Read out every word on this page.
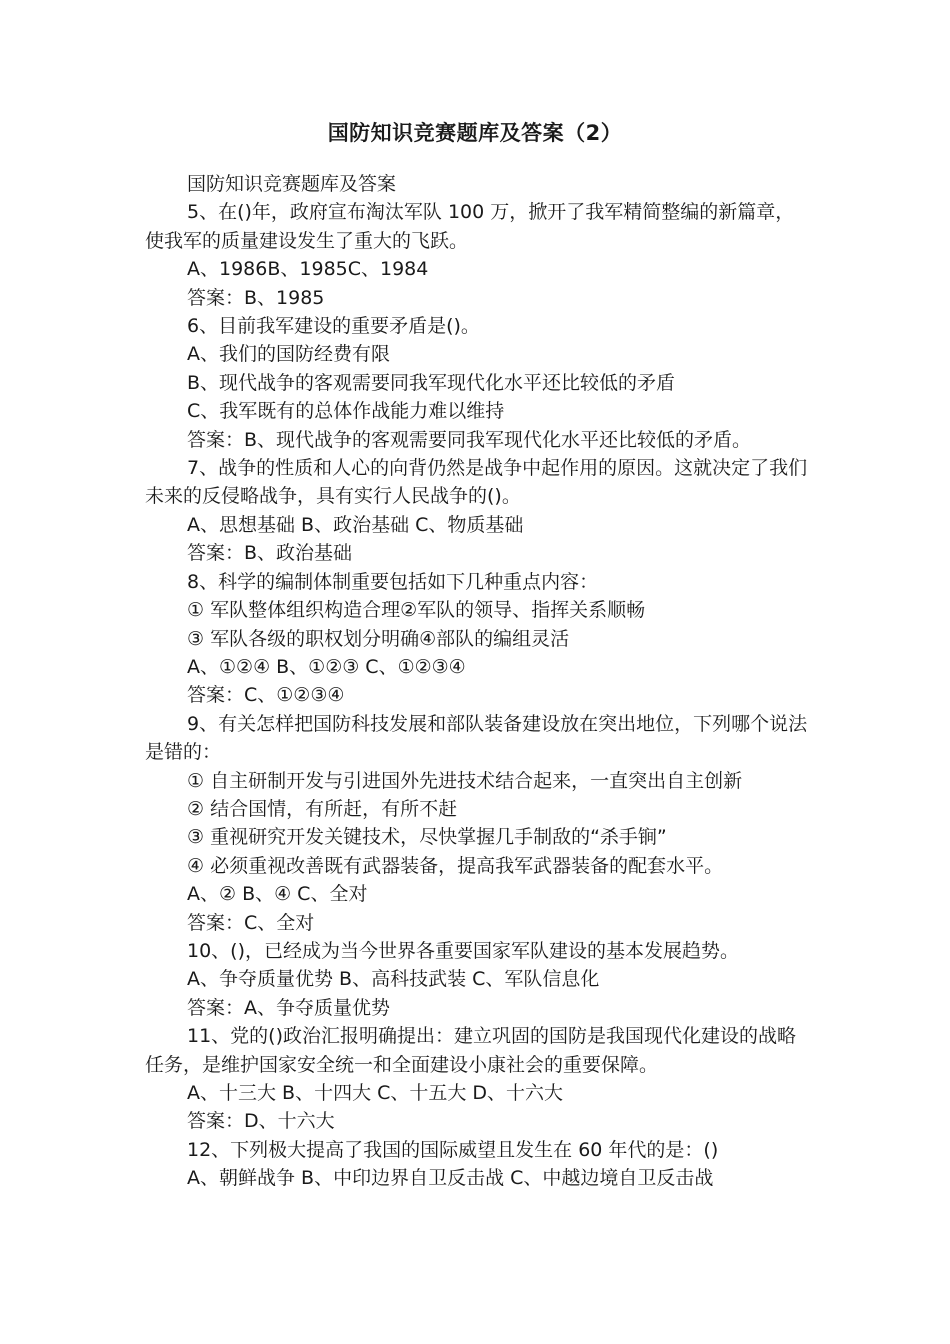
国防知识竞赛题库及答案（2）

国防知识竞赛题库及答案

5、在()年，政府宣布淘汰军队 100 万，掀开了我军精简整编的新篇章，使我军的质量建设发生了重大的飞跃。

A、1986B、1985C、1984

答案：B、1985

6、目前我军建设的重要矛盾是()。

A、我们的国防经费有限

B、现代战争的客观需要同我军现代化水平还比较低的矛盾

C、我军既有的总体作战能力难以维持

答案：B、现代战争的客观需要同我军现代化水平还比较低的矛盾。

7、战争的性质和人心的向背仍然是战争中起作用的原因。这就决定了我们未来的反侵略战争，具有实行人民战争的()。

A、思想基础 B、政治基础 C、物质基础

答案：B、政治基础

8、科学的编制体制重要包括如下几种重点内容：

① 军队整体组织构造合理②军队的领导、指挥关系顺畅

③ 军队各级的职权划分明确④部队的编组灵活

A、①②④ B、①②③ C、①②③④

答案：C、①②③④

9、有关怎样把国防科技发展和部队装备建设放在突出地位，下列哪个说法是错的：

① 自主研制开发与引进国外先进技术结合起来，一直突出自主创新

② 结合国情，有所赶，有所不赶

③ 重视研究开发关键技术，尽快掌握几手制敌的“杀手锏”

④ 必须重视改善既有武器装备，提高我军武器装备的配套水平。

A、② B、④ C、全对

答案：C、全对

10、()，已经成为当今世界各重要国家军队建设的基本发展趋势。

A、争夺质量优势 B、高科技武装 C、军队信息化

答案：A、争夺质量优势

11、党的()政治汇报明确提出：建立巩固的国防是我国现代化建设的战略任务，是维护国家安全统一和全面建设小康社会的重要保障。

A、十三大 B、十四大 C、十五大 D、十六大

答案：D、十六大

12、下列极大提高了我国的国际威望且发生在 60 年代的是：()

A、朝鲜战争 B、中印边界自卫反击战 C、中越边境自卫反击战
